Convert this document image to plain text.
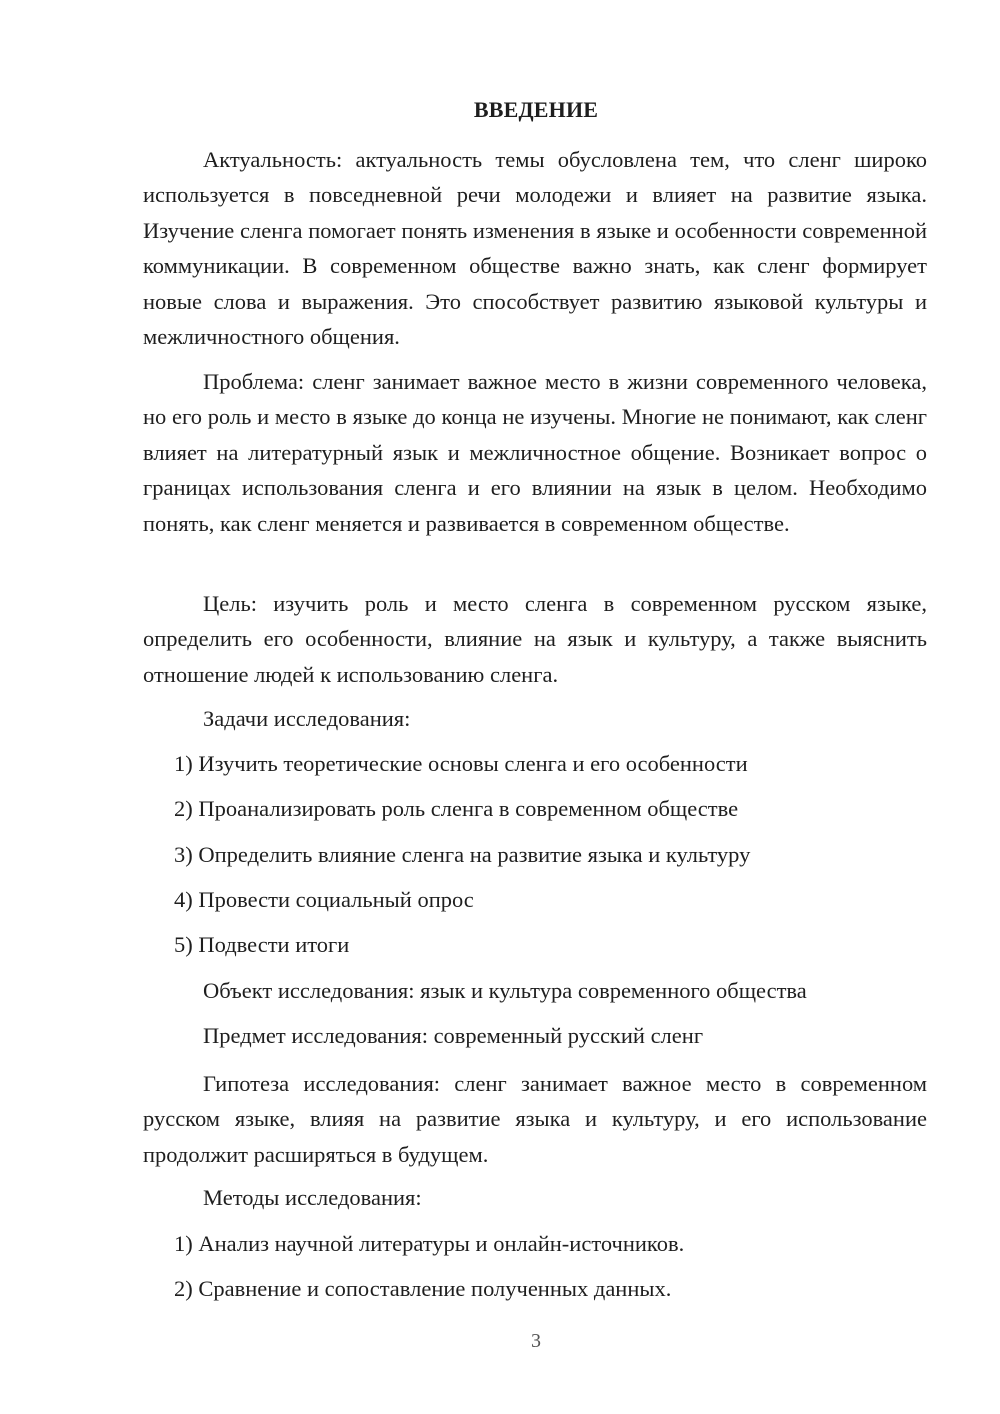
ВВЕДЕНИЕ

Актуальность: актуальность темы обусловлена тем, что сленг широко используется в повседневной речи молодежи и влияет на развитие языка. Изучение сленга помогает понять изменения в языке и особенности современной коммуникации. В современном обществе важно знать, как сленг формирует новые слова и выражения. Это способствует развитию языковой культуры и межличностного общения.

Проблема: сленг занимает важное место в жизни современного человека, но его роль и место в языке до конца не изучены. Многие не понимают, как сленг влияет на литературный язык и межличностное общение. Возникает вопрос о границах использования сленга и его влиянии на язык в целом. Необходимо понять, как сленг меняется и развивается в современном обществе.

Цель: изучить роль и место сленга в современном русском языке, определить его особенности, влияние на язык и культуру, а также выяснить отношение людей к использованию сленга.

Задачи исследования:
1) Изучить теоретические основы сленга и его особенности
2) Проанализировать роль сленга в современном обществе
3) Определить влияние сленга на развитие языка и культуру
4) Провести социальный опрос
5) Подвести итоги
Объект исследования: язык и культура современного общества
Предмет исследования: современный русский сленг

Гипотеза исследования: сленг занимает важное место в современном русском языке, влияя на развитие языка и культуру, и его использование продолжит расширяться в будущем.

Методы исследования:
1) Анализ научной литературы и онлайн-источников.
2) Сравнение и сопоставление полученных данных.
3
